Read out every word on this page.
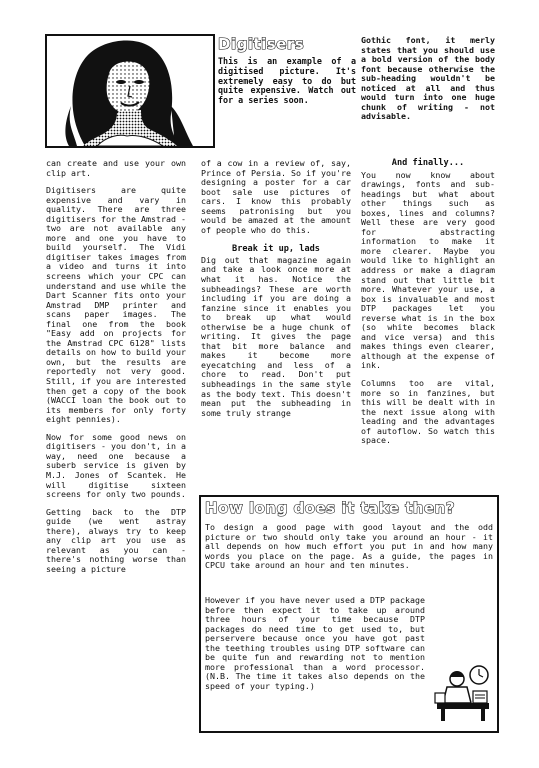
Digitisers
This is an example of a digitised picture. It's extremely easy to do but quite expensive. Watch out for a series soon.
Gothic font, it merly states that you should use a bold version of the body font because otherwise the sub-heading wouldn't be noticed at all and thus would turn into one huge chunk of writing - not advisable.

can create and use your own clip art.

Digitisers are quite expensive and vary in quality. There are three digitisers for the Amstrad - two are not available any more and one you have to build yourself. The Vidi digitiser takes images from a video and turns it into screens which your CPC can understand and use while the Dart Scanner fits onto your Amstrad DMP printer and scans paper images. The final one from the book "Easy add on projects for the Amstrad CPC 6128" lists details on how to build your own, but the results are reportedly not very good. Still, if you are interested then get a copy of the book (WACCI loan the book out to its members for only forty eight pennies).

Now for some good news on digitisers - you don't, in a way, need one because a suberb service is given by M.J. Jones of Scantek. He will digitise sixteen screens for only two pounds.

Getting back to the DTP guide (we went astray there), always try to keep any clip art you use as relevant as you can - there's nothing worse than seeing a picture

of a cow in a review of, say, Prince of Persia. So if you're designing a poster for a car boot sale use pictures of cars. I know this probably seems patronising but you would be amazed at the amount of people who do this.

Break it up, lads

Dig out that magazine again and take a look once more at what it has. Notice the subheadings? These are worth including if you are doing a fanzine since it enables you to break up what would otherwise be a huge chunk of writing. It gives the page that bit more balance and makes it become more eyecatching and less of a chore to read. Don't put subheadings in the same style as the body text. This doesn't mean put the subheading in some truly strange

And finally...

You now know about drawings, fonts and sub-headings but what about other things such as boxes, lines and columns? Well these are very good for abstracting information to make it more clearer. Maybe you would like to highlight an address or make a diagram stand out that little bit more. Whatever your use, a box is invaluable and most DTP packages let you reverse what is in the box (so white becomes black and vice versa) and this makes things even clearer, although at the expense of ink.

Columns too are vital, more so in fanzines, but this will be dealt with in the next issue along with leading and the advantages of autoflow. So watch this space.

How long does it take then?
To design a good page with good layout and the odd picture or two should only take you around an hour - it all depends on how much effort you put in and how many words you place on the page. As a guide, the pages in CPCU take around an hour and ten minutes.
However if you have never used a DTP package before then expect it to take up around three hours of your time because DTP packages do need time to get used to, but perservere because once you have got past the teething troubles using DTP software can be quite fun and rewarding not to mention more professional than a word processor. (N.B. The time it takes also depends on the speed of your typing.)
